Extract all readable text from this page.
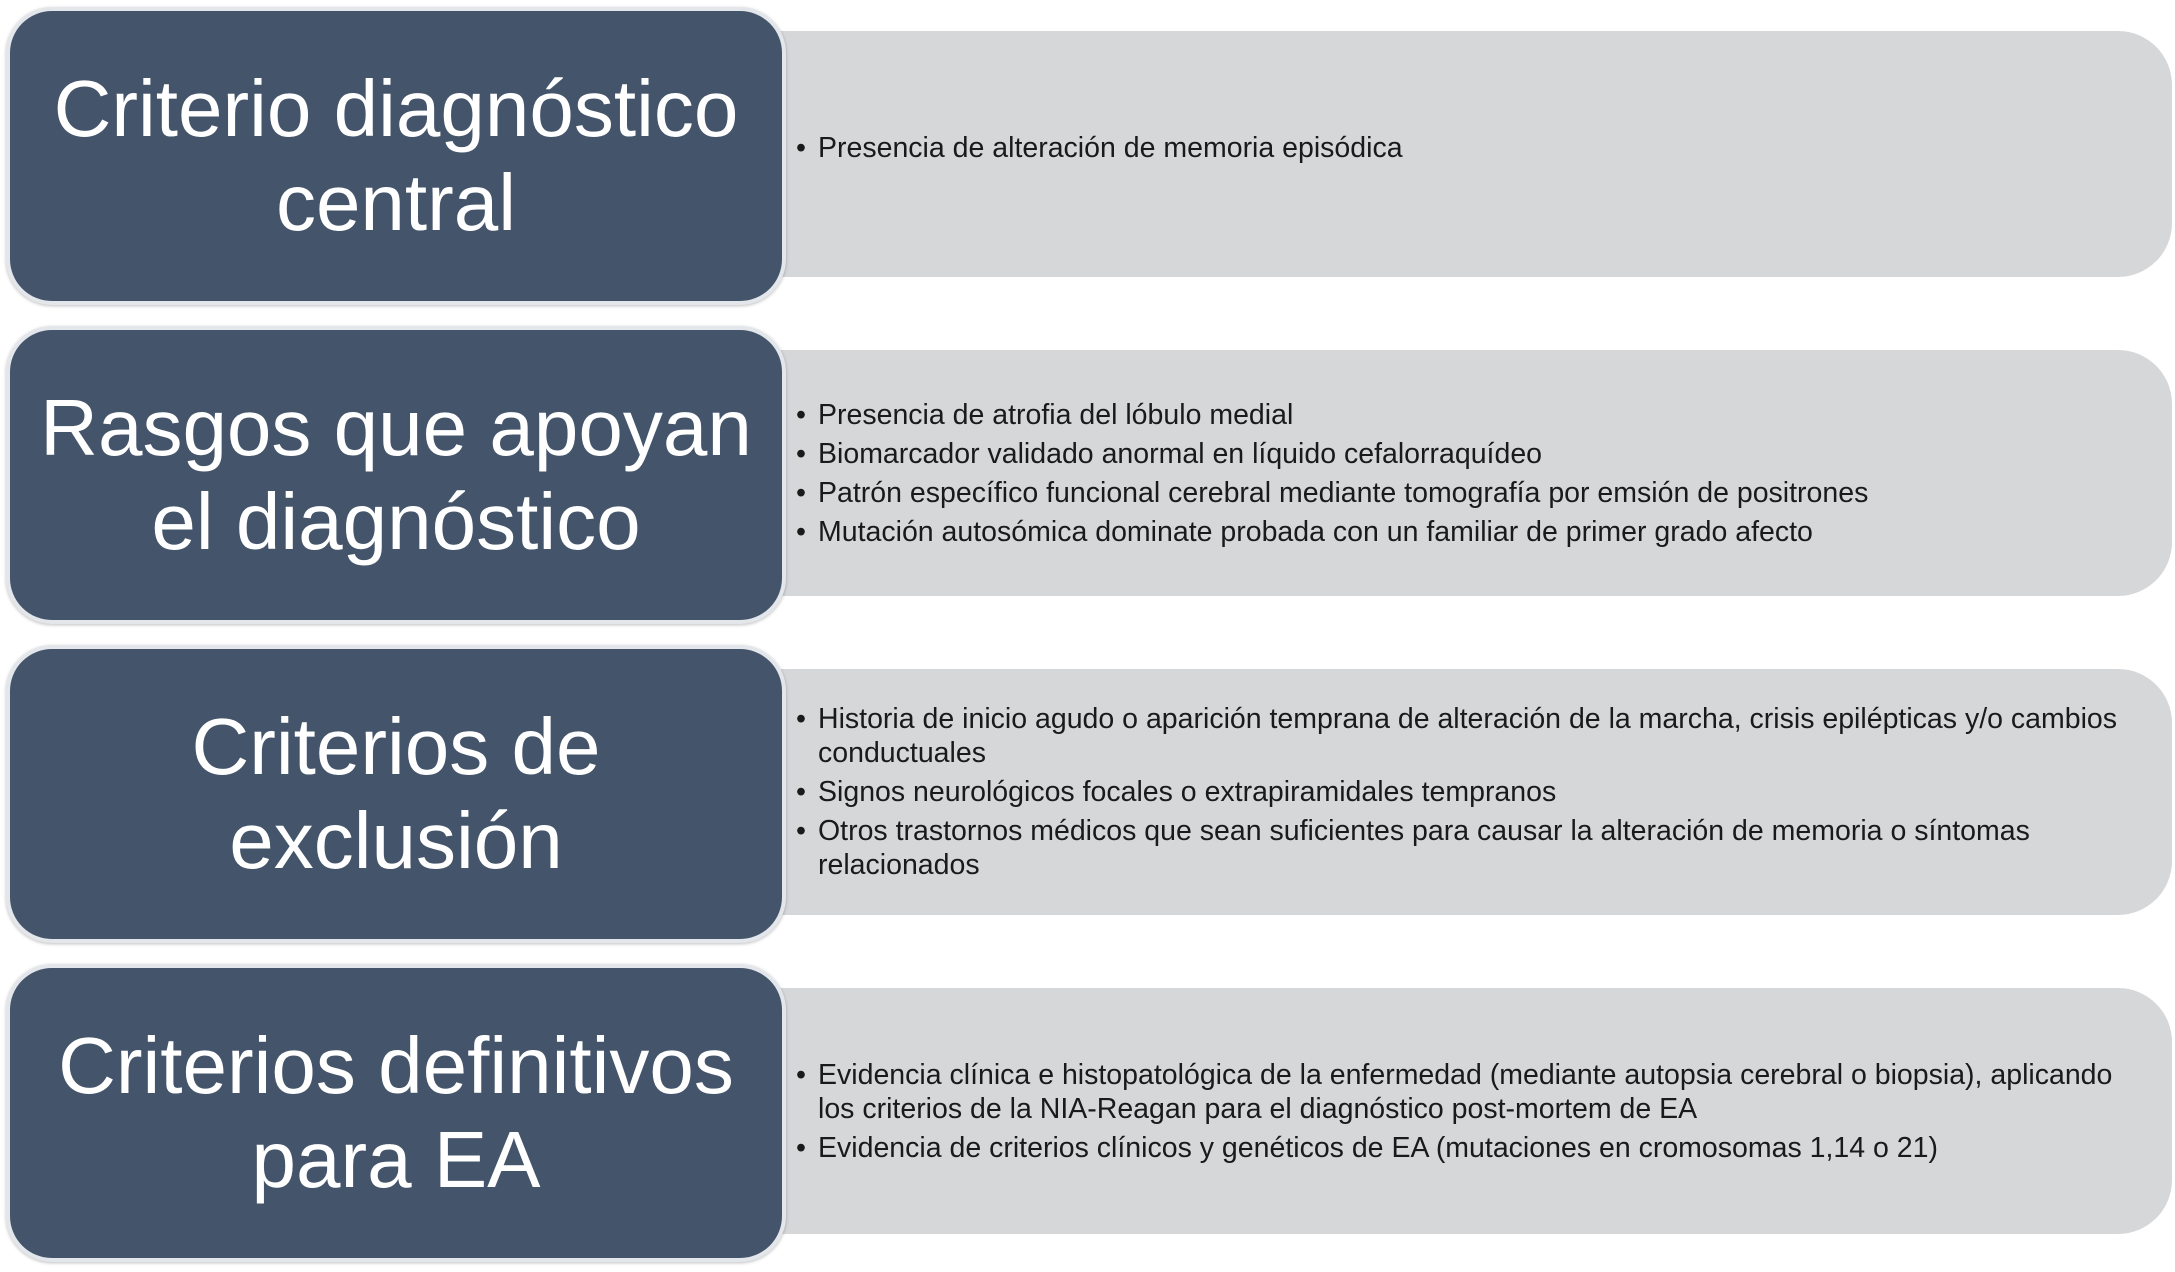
• Presencia de alteración de memoria episódica
Criterio diagnóstico central
• Presencia de atrofia del lóbulo medial
• Biomarcador validado anormal en líquido cefalorraquídeo
• Patrón específico funcional cerebral mediante tomografía por emsión de positrones
• Mutación autosómica dominate probada con un familiar de primer grado afecto
Rasgos que apoyan el diagnóstico
• Historia de inicio agudo o aparición temprana de alteración de la marcha, crisis epilépticas y/o cambios conductuales
• Signos neurológicos focales o extrapiramidales tempranos
• Otros trastornos médicos que sean suficientes para causar la alteración de memoria o síntomas relacionados
Criterios de exclusión
• Evidencia clínica e histopatológica de la enfermedad (mediante autopsia cerebral o biopsia), aplicando los criterios de la NIA-Reagan para el diagnóstico post-mortem de EA
• Evidencia de criterios clínicos y genéticos de EA (mutaciones en cromosomas 1,14 o 21)
Criterios definitivos para EA
